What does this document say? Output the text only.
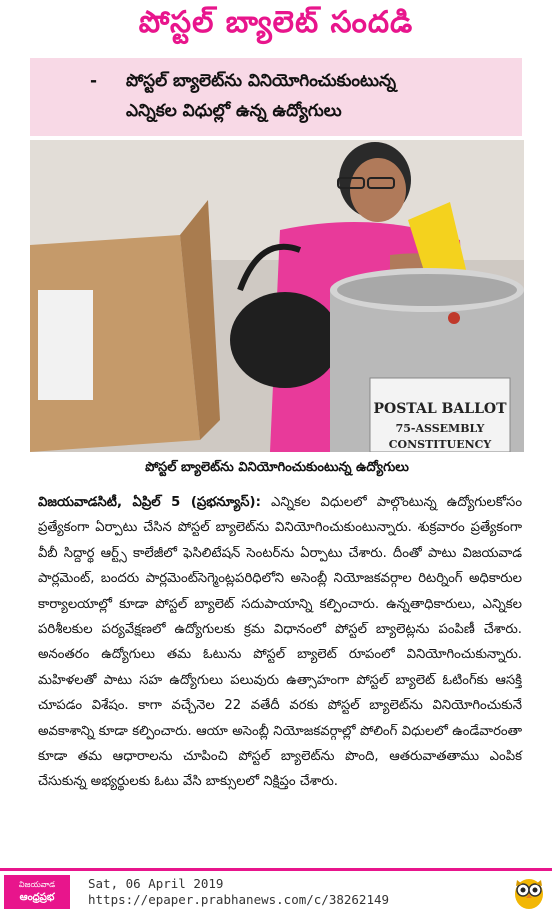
పోస్టల్ బ్యాలెట్ సందడి
-	పోస్టల్ బ్యాలెట్‌ను వినియోగించుకుంటున్న
ఎన్నికల విధుల్లో ఉన్న ఉద్యోగులు
POSTAL BALLOT
75-ASSEMBLY
CONSTITUENCY
పోస్టల్ బ్యాలెట్‌ను వినియోగించుకుంటున్న ఉద్యోగులు

విజయవాడసిటీ, ఏప్రిల్ 5 (ప్రభన్యూస్): ఎన్నికల విధులలో పాల్గొంటున్న ఉద్యోగులకోసం ప్రత్యేకంగా ఏర్పాటు చేసిన పోస్టల్ బ్యాలెట్‌ను వినియోగించుకుంటున్నారు. శుక్రవారం ప్రత్యేకంగా వీబీ సిద్దార్థ ఆర్ట్స్ కాలేజీలో ఫెసిలిటేషన్ సెంటర్‌ను ఏర్పాటు చేశారు. దీంతో పాటు విజయవాడ పార్లమెంట్, బందరు పార్లమెంట్‌సెగ్మెంట్లపరిధిలోని అసెంబ్లీ నియోజకవర్గాల రిటర్నింగ్ అధికారుల కార్యాలయాల్లో కూడా పోస్టల్ బ్యాలెట్ సదుపాయాన్ని కల్పించారు. ఉన్నతాధికారులు, ఎన్నికల పరిశీలకుల పర్యవేక్షణలో ఉద్యోగులకు క్రమ విధానంలో పోస్టల్ బ్యాలెట్లను పంపిణీ చేశారు. అనంతరం ఉద్యోగులు తమ ఓటును పోస్టల్ బ్యాలెట్ రూపంలో వినియోగించుకున్నారు. మహిళలతో పాటు సహ ఉద్యోగులు పలువురు ఉత్సాహంగా పోస్టల్ బ్యాలెట్ ఓటింగ్‌కు ఆసక్తి చూపడం విశేషం. కాగా వచ్చేనెల 22 వతేదీ వరకు పోస్టల్ బ్యాలెట్‌ను వినియోగించుకునే అవకాశాన్ని కూడా కల్పించారు. ఆయా అసెంబ్లీ నియోజకవర్గాల్లో పోలింగ్ విధులలో ఉండేవారంతా కూడా తమ ఆధారాలను చూపించి పోస్టల్ బ్యాలెట్‌ను పొంది, ఆతరువాతతాము ఎంపిక చేసుకున్న అభ్యర్థులకు ఓటు వేసి బాక్సులలో నిక్షిప్తం చేశారు.

విజయవాడ
ఆంధ్రప్రభ
Sat, 06 April 2019
https://epaper.prabhanews.com/c/38262149
